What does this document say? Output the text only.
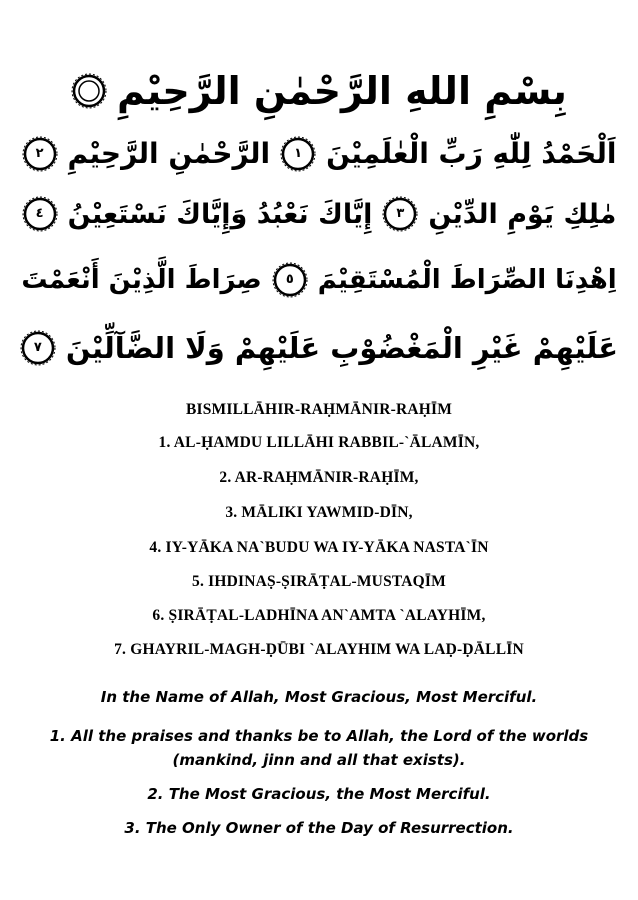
بِسْمِ اللهِ الرَّحْمٰنِ الرَّحِيْمِ
اَلْحَمْدُ لِلّٰهِ رَبِّ الْعٰلَمِيْنَ
١
الرَّحْمٰنِ الرَّحِيْمِ
٢
مٰلِكِ يَوْمِ الدِّيْنِ
٣
إِيَّاكَ نَعْبُدُ وَإِيَّاكَ نَسْتَعِيْنُ
٤
اِهْدِنَا الصِّرَاطَ الْمُسْتَقِيْمَ
٥
صِرَاطَ الَّذِيْنَ أَنْعَمْتَ
عَلَيْهِمْ غَيْرِ الْمَغْضُوْبِ عَلَيْهِمْ وَلَا الضَّآلِّيْنَ
٧
BISMILLĀHIR-RAḤMĀNIR-RAḤĪM
1. AL-ḤAMDU LILLĀHI RABBIL-`ĀLAMĪN,
2. AR-RAḤMĀNIR-RAḤĪM,
3. MĀLIKI YAWMID-DĪN,
4. IY-YĀKA NA`BUDU WA IY-YĀKA NASTA`ĪN
5. IHDINAṢ-ṢIRĀṬAL-MUSTAQĪM
6. ṢIRĀṬAL-LADHĪNA AN`AMTA `ALAYHĪM,
7. GHAYRIL-MAGH-ḌŪBI `ALAYHIM WA LAḌ-ḌĀLLĪN
In the Name of Allah, Most Gracious, Most Merciful.
1. All the praises and thanks be to Allah, the Lord of the worlds
(mankind, jinn and all that exists).
2. The Most Gracious, the Most Merciful.
3. The Only Owner of the Day of Resurrection.
